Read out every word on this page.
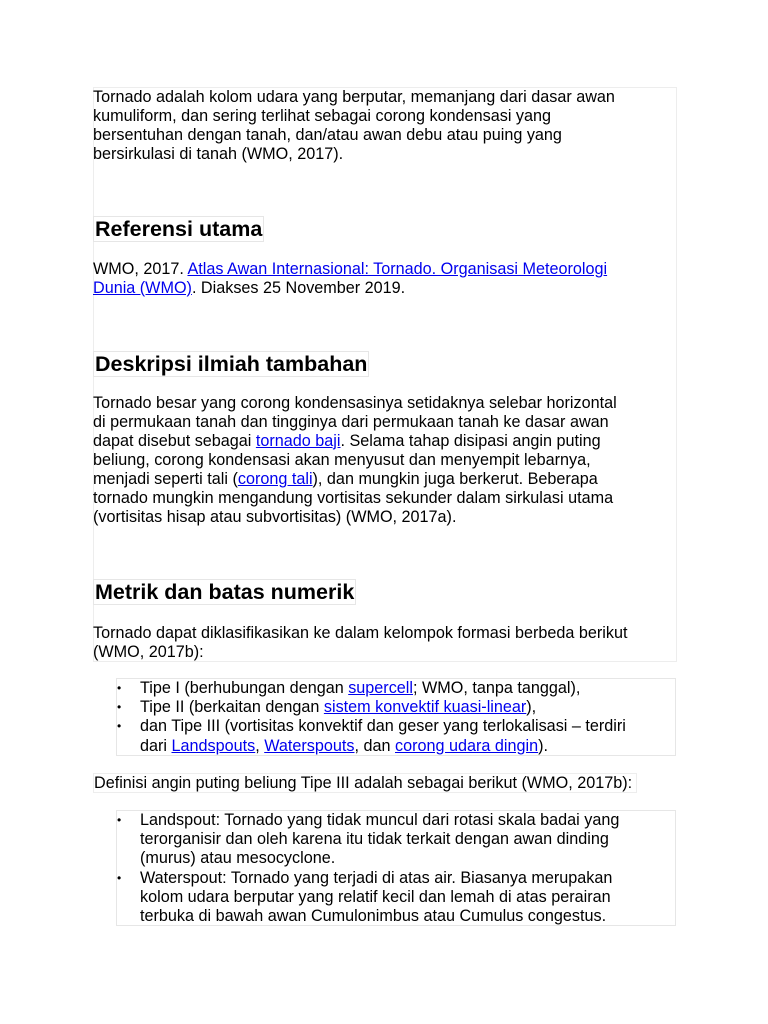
Tornado adalah kolom udara yang berputar, memanjang dari dasar awan

kumuliform, dan sering terlihat sebagai corong kondensasi yang

bersentuhan dengan tanah, dan/atau awan debu atau puing yang

bersirkulasi di tanah (WMO, 2017).

Referensi utama

WMO, 2017. Atlas Awan Internasional: Tornado. Organisasi Meteorologi

Dunia (WMO). Diakses 25 November 2019.

Deskripsi ilmiah tambahan

Tornado besar yang corong kondensasinya setidaknya selebar horizontal

di permukaan tanah dan tingginya dari permukaan tanah ke dasar awan

dapat disebut sebagai tornado baji. Selama tahap disipasi angin puting

beliung, corong kondensasi akan menyusut dan menyempit lebarnya,

menjadi seperti tali (corong tali), dan mungkin juga berkerut. Beberapa

tornado mungkin mengandung vortisitas sekunder dalam sirkulasi utama

(vortisitas hisap atau subvortisitas) (WMO, 2017a).

Metrik dan batas numerik

Tornado dapat diklasifikasikan ke dalam kelompok formasi berbeda berikut

(WMO, 2017b):

• Tipe I (berhubungan dengan supercell; WMO, tanpa tanggal),
• Tipe II (berkaitan dengan sistem konvektif kuasi-linear),
• dan Tipe III (vortisitas konvektif dan geser yang terlokalisasi – terdiri
dari Landspouts, Waterspouts, dan corong udara dingin).

Definisi angin puting beliung Tipe III adalah sebagai berikut (WMO, 2017b):

• Landspout: Tornado yang tidak muncul dari rotasi skala badai yang
terorganisir dan oleh karena itu tidak terkait dengan awan dinding
(murus) atau mesocyclone.
• Waterspout: Tornado yang terjadi di atas air. Biasanya merupakan
kolom udara berputar yang relatif kecil dan lemah di atas perairan
terbuka di bawah awan Cumulonimbus atau Cumulus congestus.
